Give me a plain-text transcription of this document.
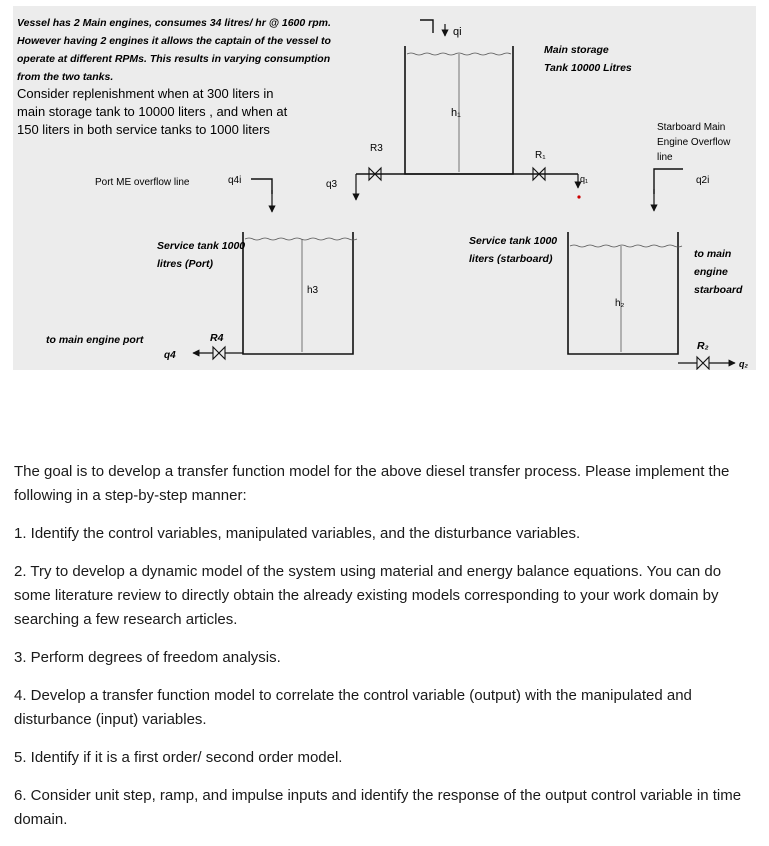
Vessel has 2 Main engines, consumes 34 litres/ hr @ 1600 rpm.
However having 2 engines it allows the captain of the vessel to
operate at different RPMs. This results in varying consumption
from the two tanks.
Consider replenishment when at 300 liters in
main storage tank to 10000 liters , and when at
150 liters in both service tanks to 1000 liters
Main storage
Tank 10000 Litres
h₁
qi
R3
R₁
q₁
q3
Starboard Main
Engine Overflow
line
q2i
Port ME overflow line	q4i
Service tank 1000
litres (Port)
h3
R4
q4
to main engine port
Service tank 1000
liters (starboard)
h₂
to main
engine
starboard
R₂
q₂

The goal is to develop a transfer function model for the above diesel transfer process. Please implement the following in a step-by-step manner:

1. Identify the control variables, manipulated variables, and the disturbance variables.

2. Try to develop a dynamic model of the system using material and energy balance equations. You can do some literature review to directly obtain the already existing models corresponding to your work domain by searching a few research articles.

3. Perform degrees of freedom analysis.

4. Develop a transfer function model to correlate the control variable (output) with the manipulated and disturbance (input) variables.

5. Identify if it is a first order/ second order model.

6. Consider unit step, ramp, and impulse inputs and identify the response of the output control variable in time domain.
